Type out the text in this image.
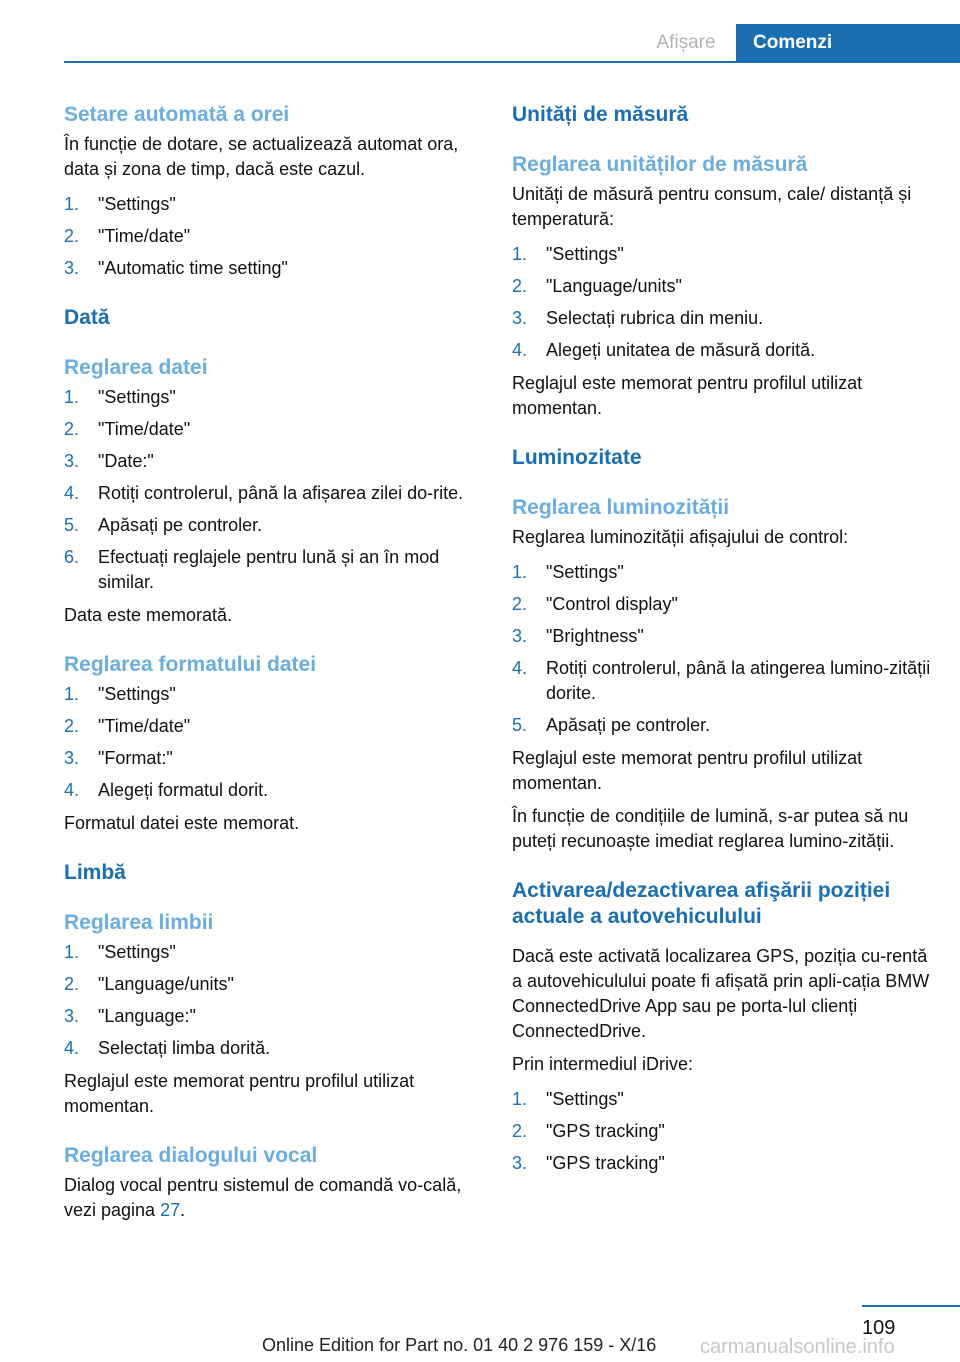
Afișare	Comenzi
Setare automată a orei
În funcție de dotare, se actualizează automat ora, data și zona de timp, dacă este cazul.
1. "Settings"
2. "Time/date"
3. "Automatic time setting"
Dată
Reglarea datei
1. "Settings"
2. "Time/date"
3. "Date:"
4. Rotiți controlerul, până la afișarea zilei do-rite.
5. Apăsați pe controler.
6. Efectuați reglajele pentru lună și an în mod similar.
Data este memorată.
Reglarea formatului datei
1. "Settings"
2. "Time/date"
3. "Format:"
4. Alegeți formatul dorit.
Formatul datei este memorat.
Limbă
Reglarea limbii
1. "Settings"
2. "Language/units"
3. "Language:"
4. Selectați limba dorită.
Reglajul este memorat pentru profilul utilizat momentan.
Reglarea dialogului vocal
Dialog vocal pentru sistemul de comandă vo-cală, vezi pagina 27.
Unități de măsură
Reglarea unităților de măsură
Unități de măsură pentru consum, cale/ distanță și temperatură:
1. "Settings"
2. "Language/units"
3. Selectați rubrica din meniu.
4. Alegeți unitatea de măsură dorită.
Reglajul este memorat pentru profilul utilizat momentan.
Luminozitate
Reglarea luminozității
Reglarea luminozității afișajului de control:
1. "Settings"
2. "Control display"
3. "Brightness"
4. Rotiți controlerul, până la atingerea lumino-zității dorite.
5. Apăsați pe controler.
Reglajul este memorat pentru profilul utilizat momentan.
În funcție de condițiile de lumină, s-ar putea să nu puteți recunoaște imediat reglarea lumino-zității.
Activarea/dezactivarea afişării poziției actuale a autovehiculului
Dacă este activată localizarea GPS, poziția cu-rentă a autovehiculului poate fi afișată prin apli-cația BMW ConnectedDrive App sau pe porta-lul clienți ConnectedDrive.
Prin intermediul iDrive:
1. "Settings"
2. "GPS tracking"
3. "GPS tracking"
109
Online Edition for Part no. 01 40 2 976 159 - X/16 carmanualsonline.info
